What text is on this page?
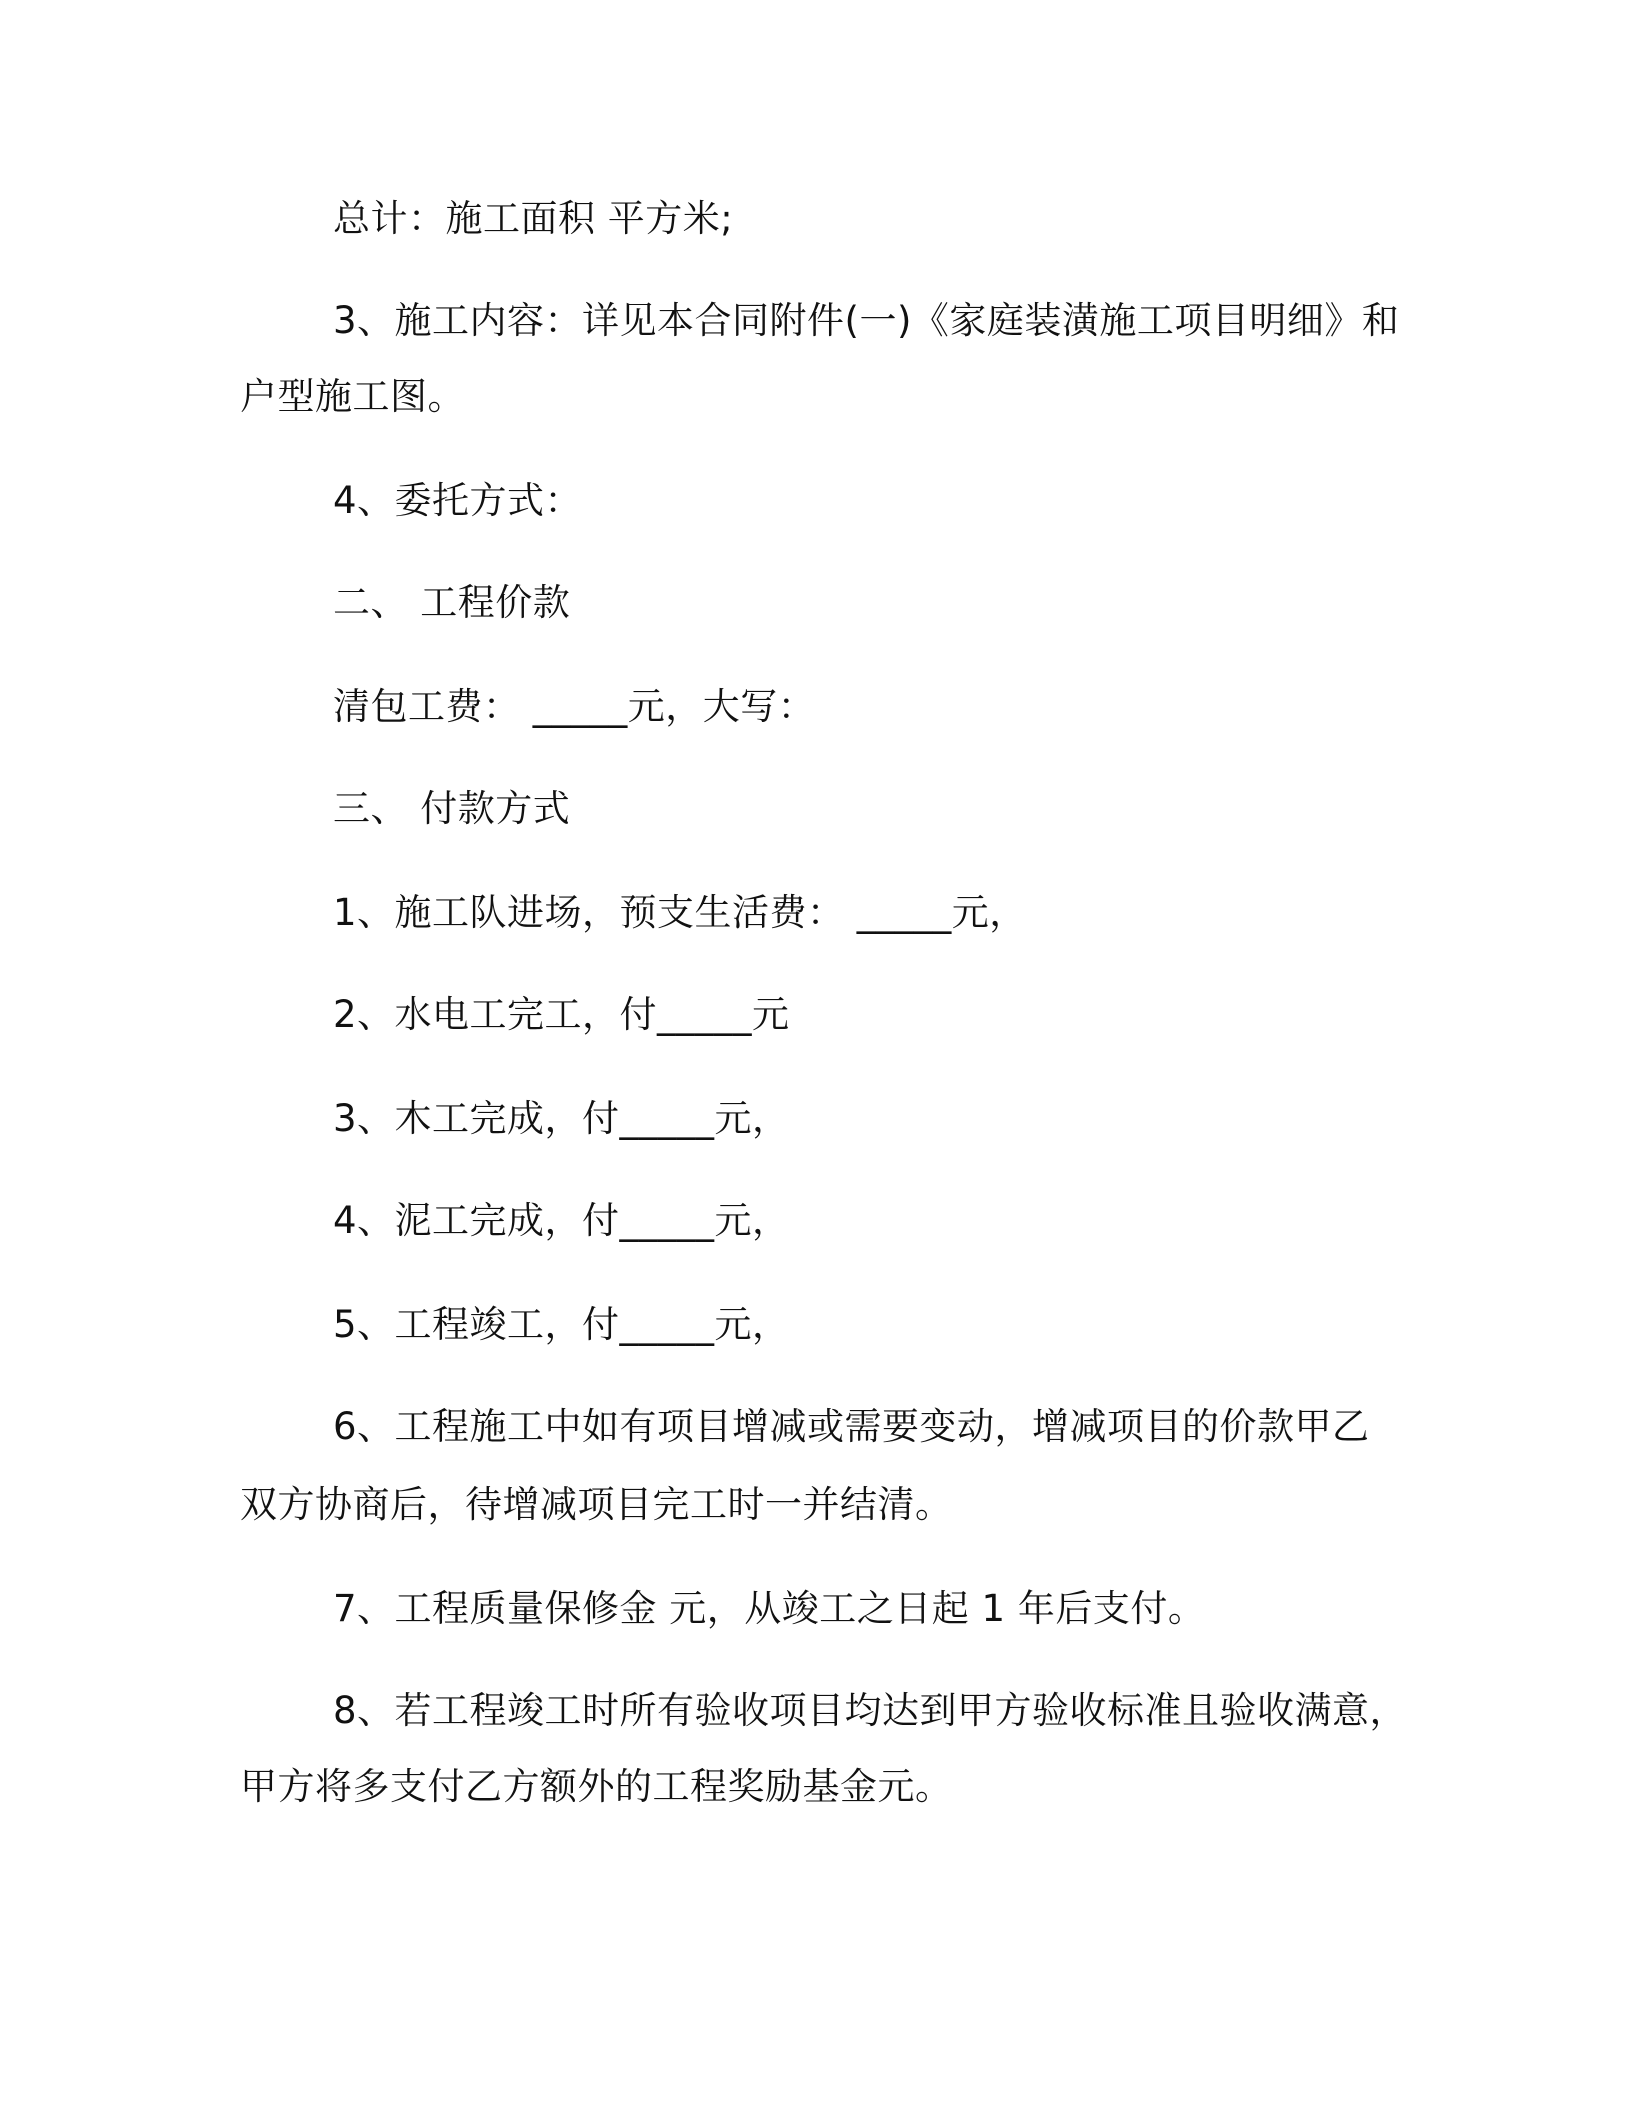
总计：施工面积 平方米;
3、施工内容：详见本合同附件(一)《家庭装潢施工项目明细》和
户型施工图。
4、委托方式：
二、 工程价款
清包工费： _____元，大写：
三、 付款方式
1、施工队进场，预支生活费： _____元，
2、水电工完工，付_____元
3、木工完成，付_____元，
4、泥工完成，付_____元，
5、工程竣工，付_____元，
6、工程施工中如有项目增减或需要变动，增减项目的价款甲乙
双方协商后，待增减项目完工时一并结清。
7、工程质量保修金 元，从竣工之日起 1 年后支付。
8、若工程竣工时所有验收项目均达到甲方验收标准且验收满意，
甲方将多支付乙方额外的工程奖励基金元。
